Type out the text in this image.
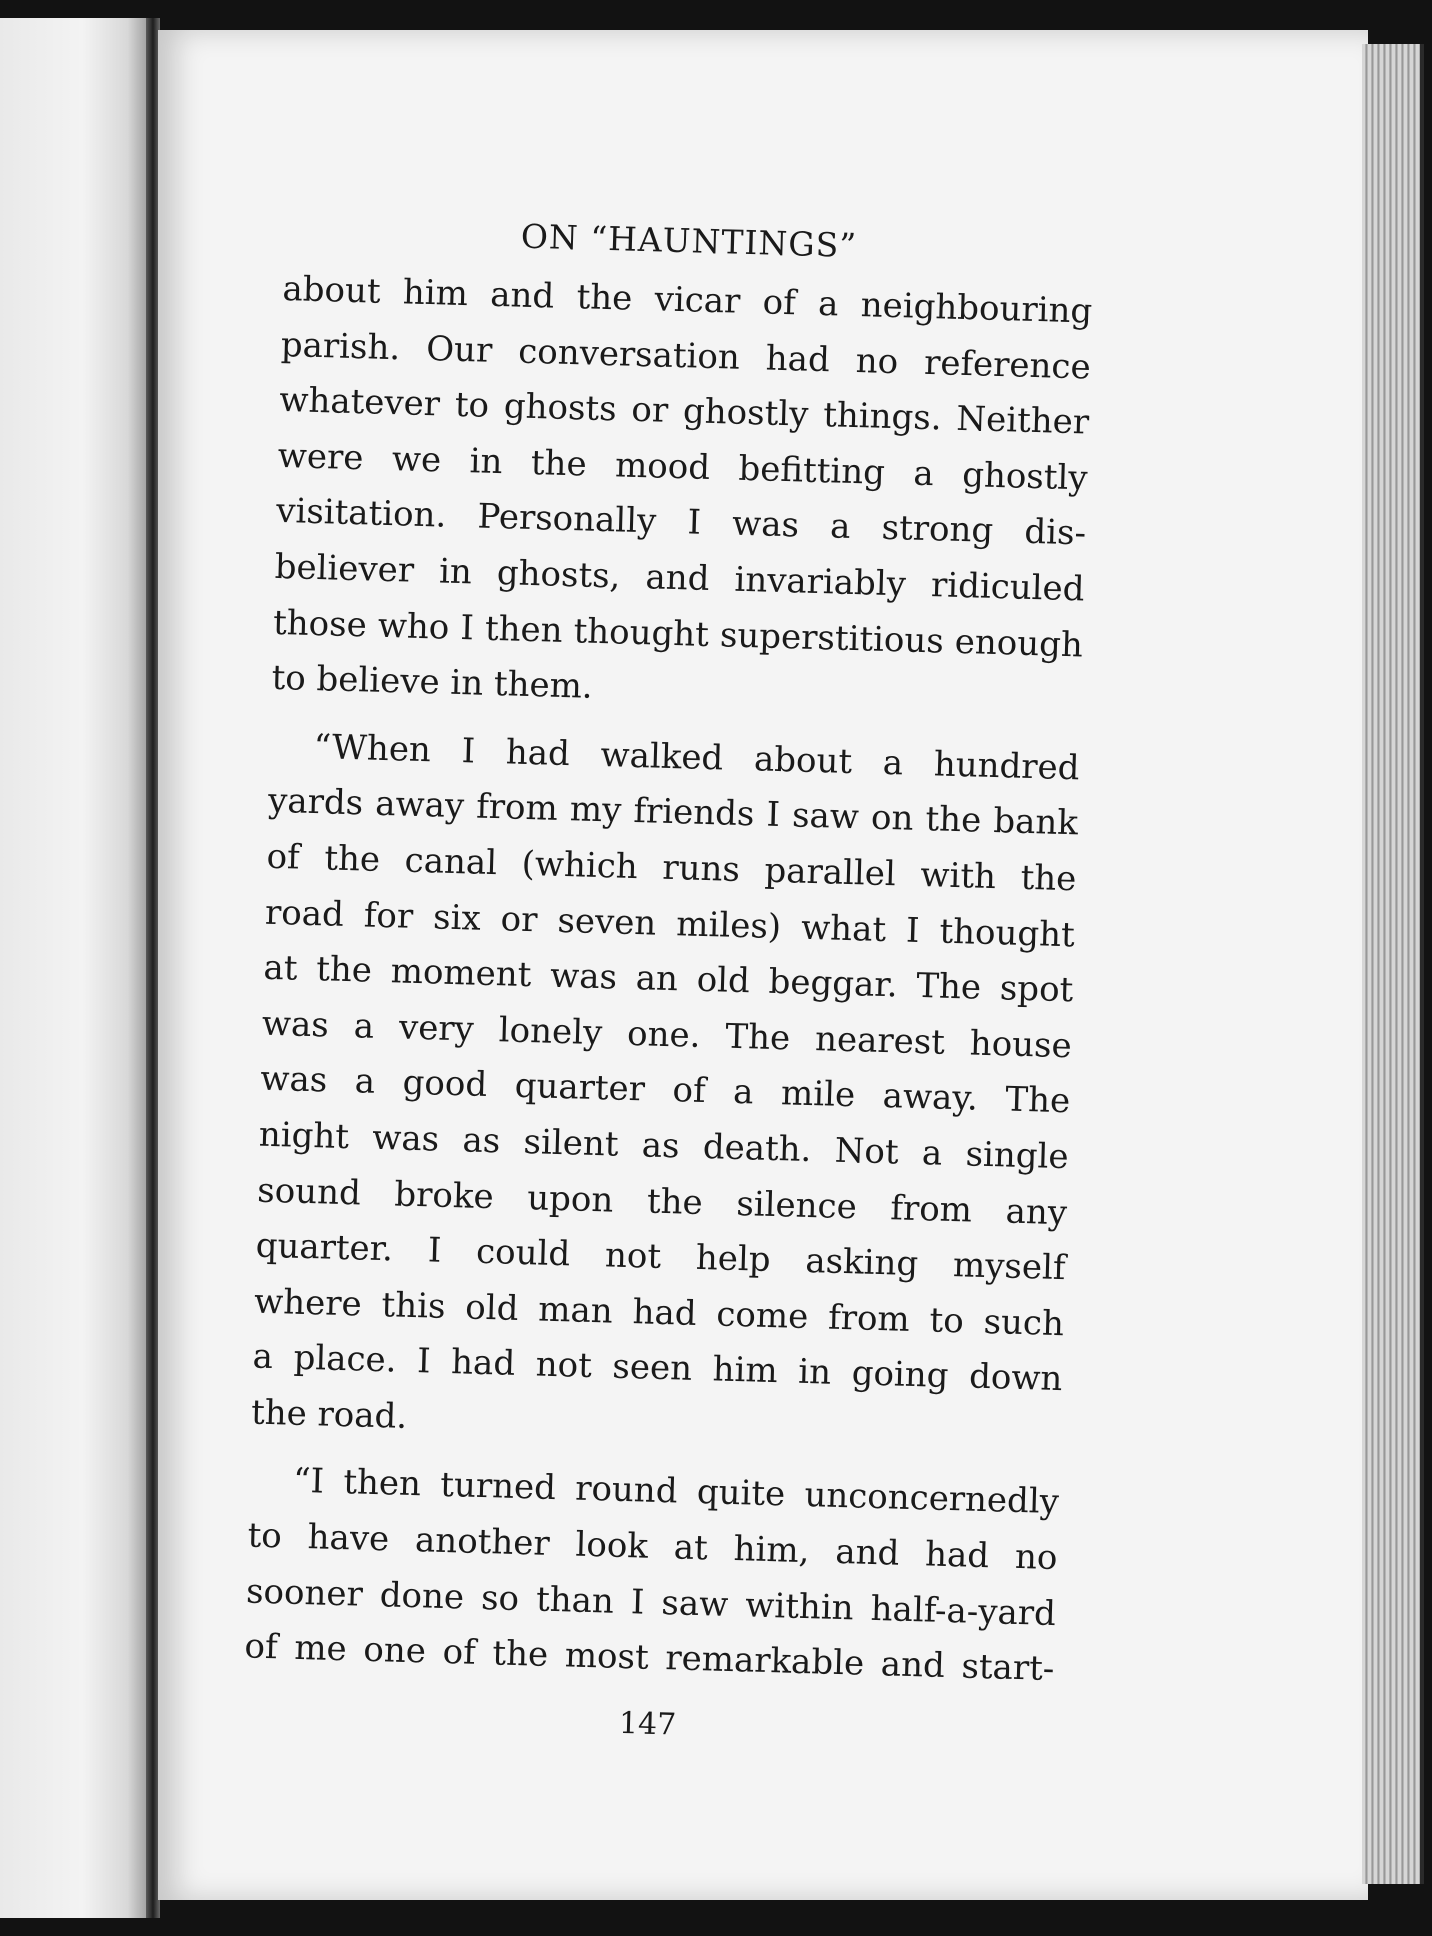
ON “HAUNTINGS”
about him and the vicar of a neighbouring
parish. Our conversation had no reference
whatever to ghosts or ghostly things. Neither
were we in the mood befitting a ghostly
visitation. Personally I was a strong dis-
believer in ghosts, and invariably ridiculed
those who I then thought superstitious enough
to believe in them.
“When I had walked about a hundred
yards away from my friends I saw on the bank
of the canal (which runs parallel with the
road for six or seven miles) what I thought
at the moment was an old beggar. The spot
was a very lonely one. The nearest house
was a good quarter of a mile away. The
night was as silent as death. Not a single
sound broke upon the silence from any
quarter. I could not help asking myself
where this old man had come from to such
a place. I had not seen him in going down
the road.
“I then turned round quite unconcernedly
to have another look at him, and had no
sooner done so than I saw within half-a-yard
of me one of the most remarkable and start-
147
